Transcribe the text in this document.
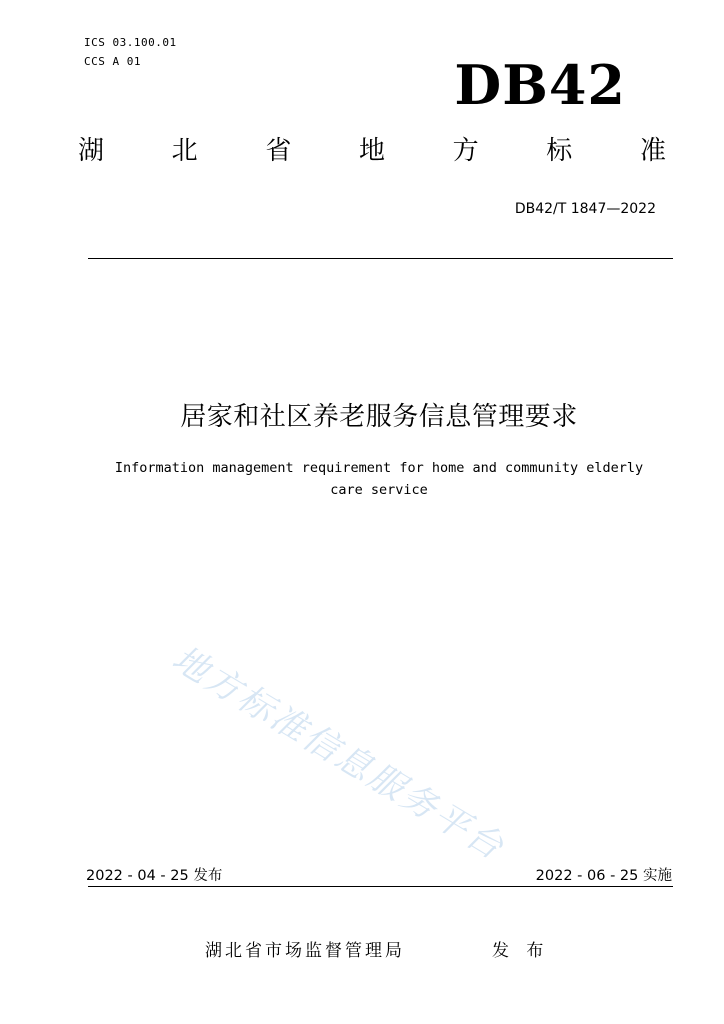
ICS 03.100.01
CCS A 01	DB42
湖	北	省	地	方	标	准
DB42/T 1847—2022
居家和社区养老服务信息管理要求
Information management requirement for home and community elderly care service
地方标准信息服务平台
2022 - 04 - 25 发布	2022 - 06 - 25 实施
湖北省市场监督管理局	发 布
